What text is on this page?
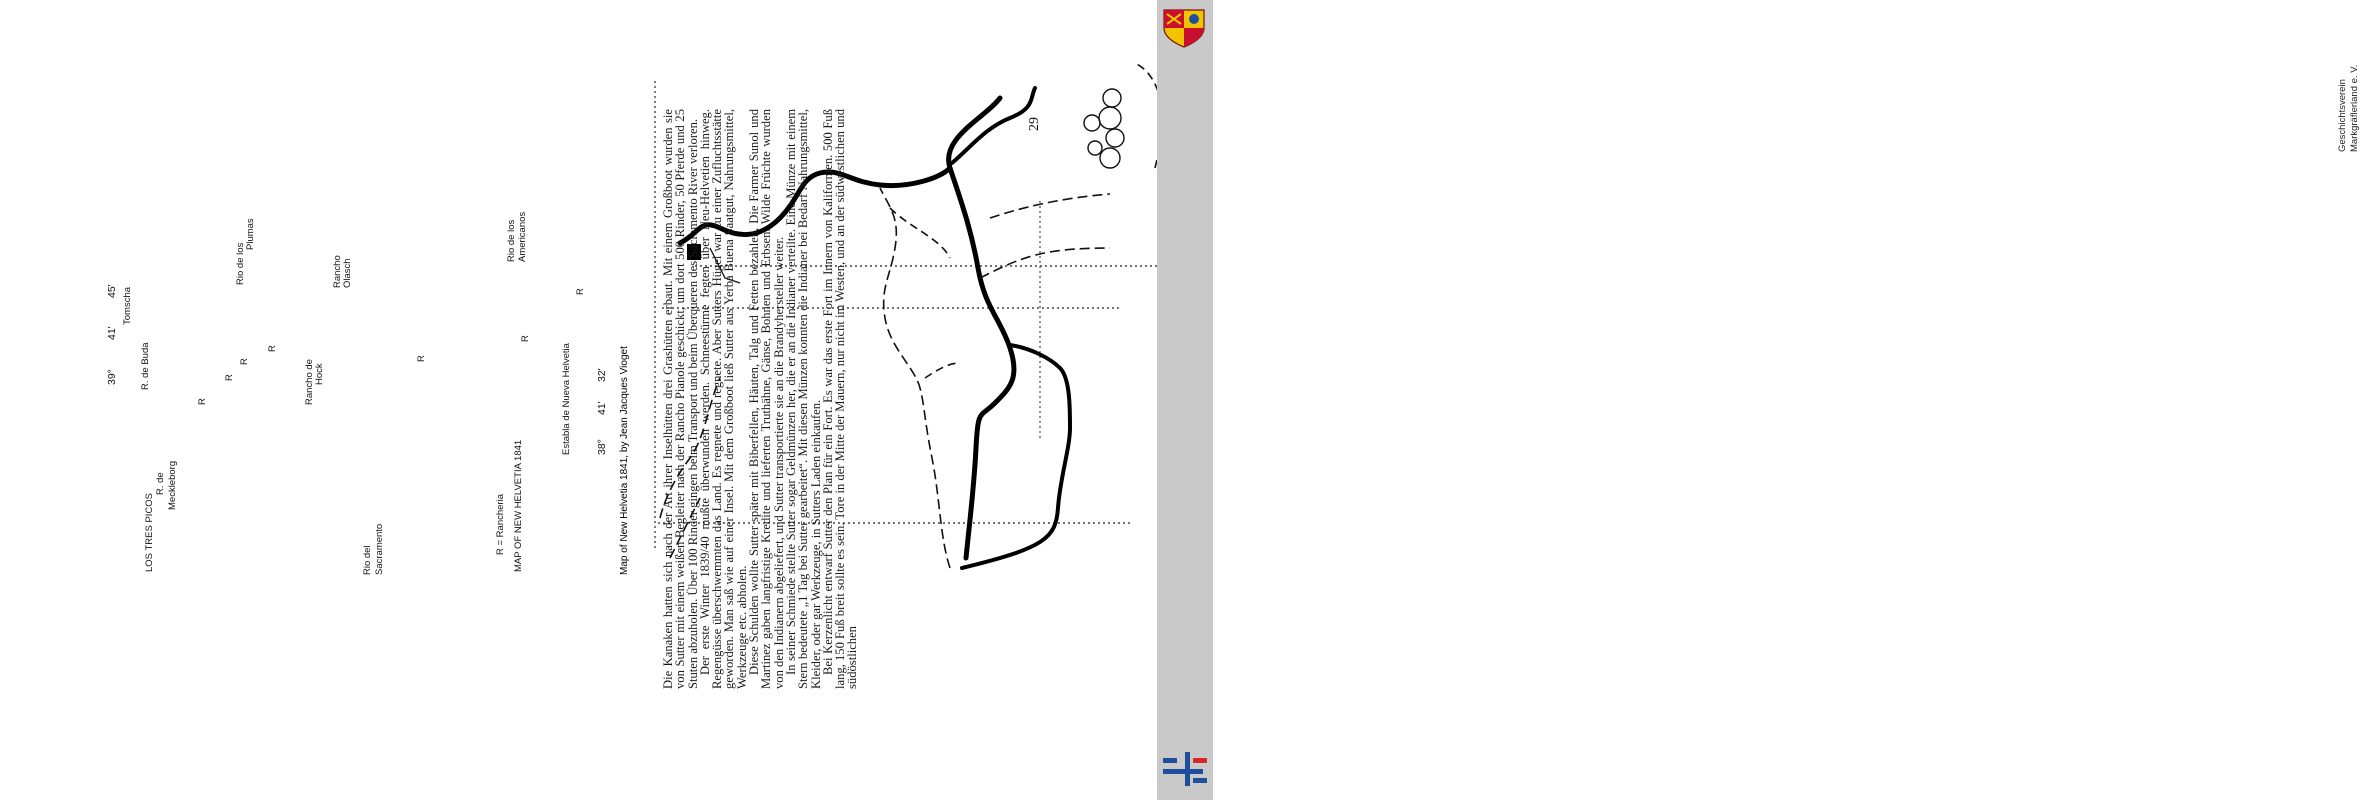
LOS TRES PICOS
R. de Meckleborg
R. de Buda
Tomscha
Rio de los
Plumas
Rancho Olasch
Rancho de Hock
Rio del Sacramento
Rio de los Americanos
Establa de Nueva Helvetia
R
R
R
R
R
R
R
39°
41'
45'
38°
41'
32'
R = Rancheria MAP OF NEW HELVETIA 1841	Map of New Helvetia 1841, by Jean Jacques Vioget Die Kanaken hatten sich nach der Art ihrer Inselhütten drei Grashütten erbaut. Mit einem Großboot wurden sie von Sutter mit einem weißen Begleiter nach der Rancho Pianole geschickt, um dort 500 Rinder, 50 Pferde und 25 Stuten abzuholen. Über 100 Rinder gingen beim Transport und beim Überqueren des Sacramento River verloren.

Der erste Winter 1839/40 mußte überwunden werden. Schneestürme fegten über Neu-Helvetien hinweg. Regengüsse überschwemmten das Land. Es regnete und regnete. Aber Sutters Hügel war zu einer Zufluchtsstätte geworden. Man saß wie auf einer Insel. Mit dem Großboot ließ Sutter aus Yerba Buena Saatgut, Nahrungsmittel, Werkzeuge etc. abholen.

Diese Schulden wollte Sutter später mit Biberfellen, Häuten, Talg und Fetten bezahlen. Die Farmer Sunol und Martinez gaben langfristige Kredite und lieferten Truthähne, Gänse, Bohnen und Erbsen. Wilde Früchte wurden von den Indianern abgeliefert, und Sutter transportierte sie an die Brandyhersteller weiter.

In seiner Schmiede stellte Sutter sogar Geldmünzen her, die er an die Indianer verteilte. Eine Münze mit einem Stern bedeutete „1 Tag bei Sutter gearbeitet“. Mit diesen Münzen konnten die Indianer bei Bedarf Nahrungsmittel, Kleider, oder gar Werkzeuge, in Sutters Laden einkaufen.

Bei Kerzenlicht entwarf Sutter den Plan für ein Fort. Es war das erste Fort im Innern von Kalifornien. 500 Fuß lang, 150 Fuß breit sollte es sein. Tore in der Mitte der Mauern, nur nicht im Westen, und an der südwestlichen und südöstlichen

29	Geschichtsverein Markgräflerland e. V.
